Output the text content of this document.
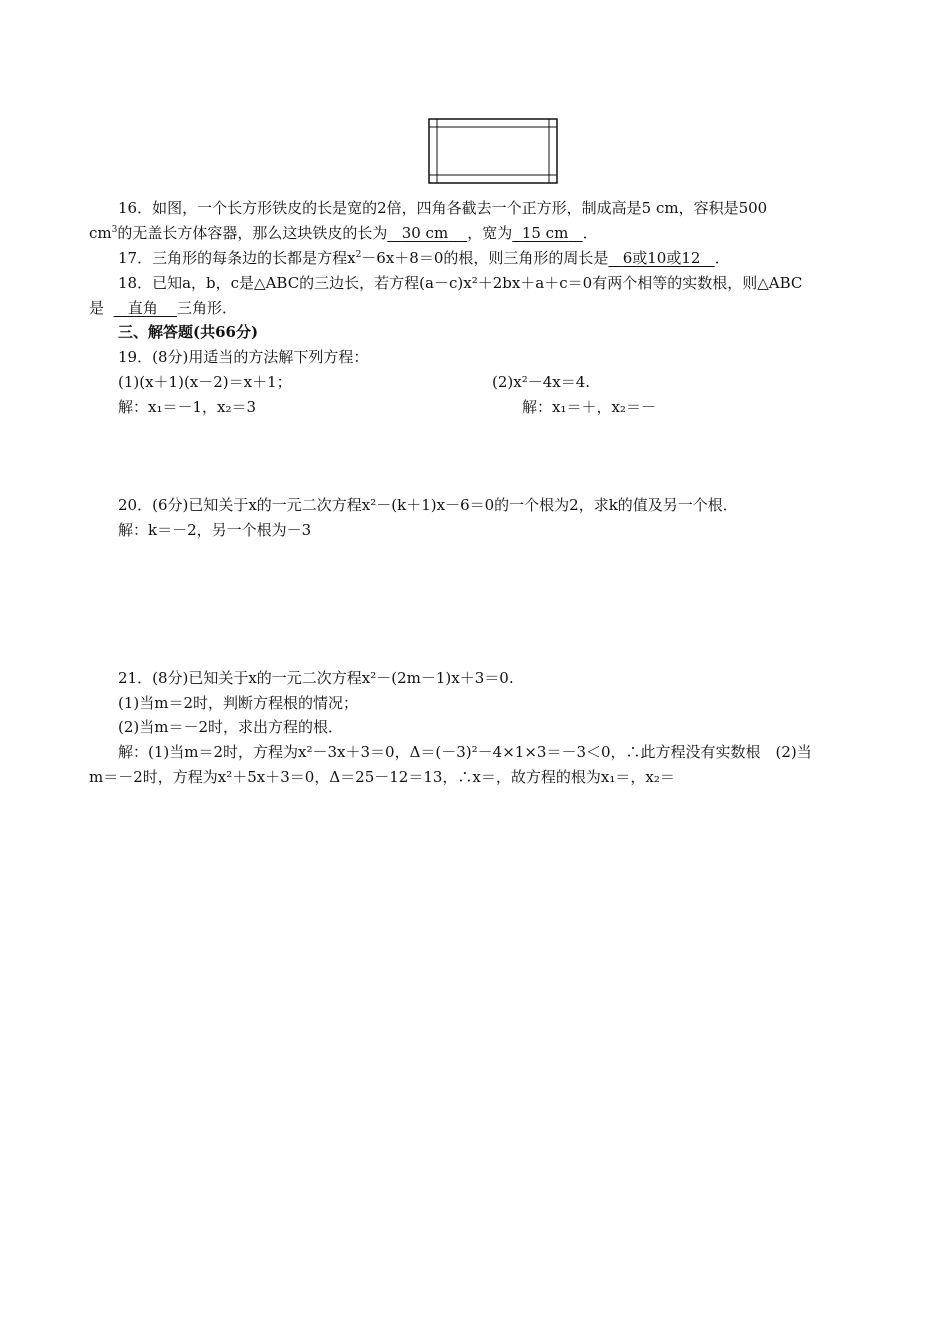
16．如图，一个长方形铁皮的长是宽的2倍，四角各截去一个正方形，制成高是5 cm，容积是500
$cm^3$的无盖长方体容器，那么这块铁皮的长为 30 cm ，宽为 15 cm ．
17．三角形的每条边的长都是方程$x^2-6x+8=0$的根，则三角形的周长是 6或10或12 ．
18．已知a，b，c是△ABC的三边长，若方程(a－c)x²＋2bx＋a＋c＝0有两个相等的实数根，则△ABC
是 直角 三角形．
三、解答题(共66分)
19．(8分)用适当的方法解下列方程：
(1)(x＋1)(x－2)＝x＋1；	(2)x²－4x＝4.
解：x₁＝－1，x₂＝3	解：x₁＝＋，x₂＝－
20．(6分)已知关于x的一元二次方程x²－(k＋1)x－6＝0的一个根为2，求k的值及另一个根．
解：k＝－2，另一个根为－3
21．(8分)已知关于x的一元二次方程x²－(2m－1)x＋3＝0.
(1)当m＝2时，判断方程根的情况；
(2)当m＝－2时，求出方程的根．
解：(1)当m＝2时，方程为x²－3x＋3＝0，Δ＝(－3)²－4×1×3＝－3＜0，∴此方程没有实数根　(2)当
m＝－2时，方程为x²＋5x＋3＝0，Δ＝25－12＝13，∴x＝，故方程的根为x₁＝，x₂＝
